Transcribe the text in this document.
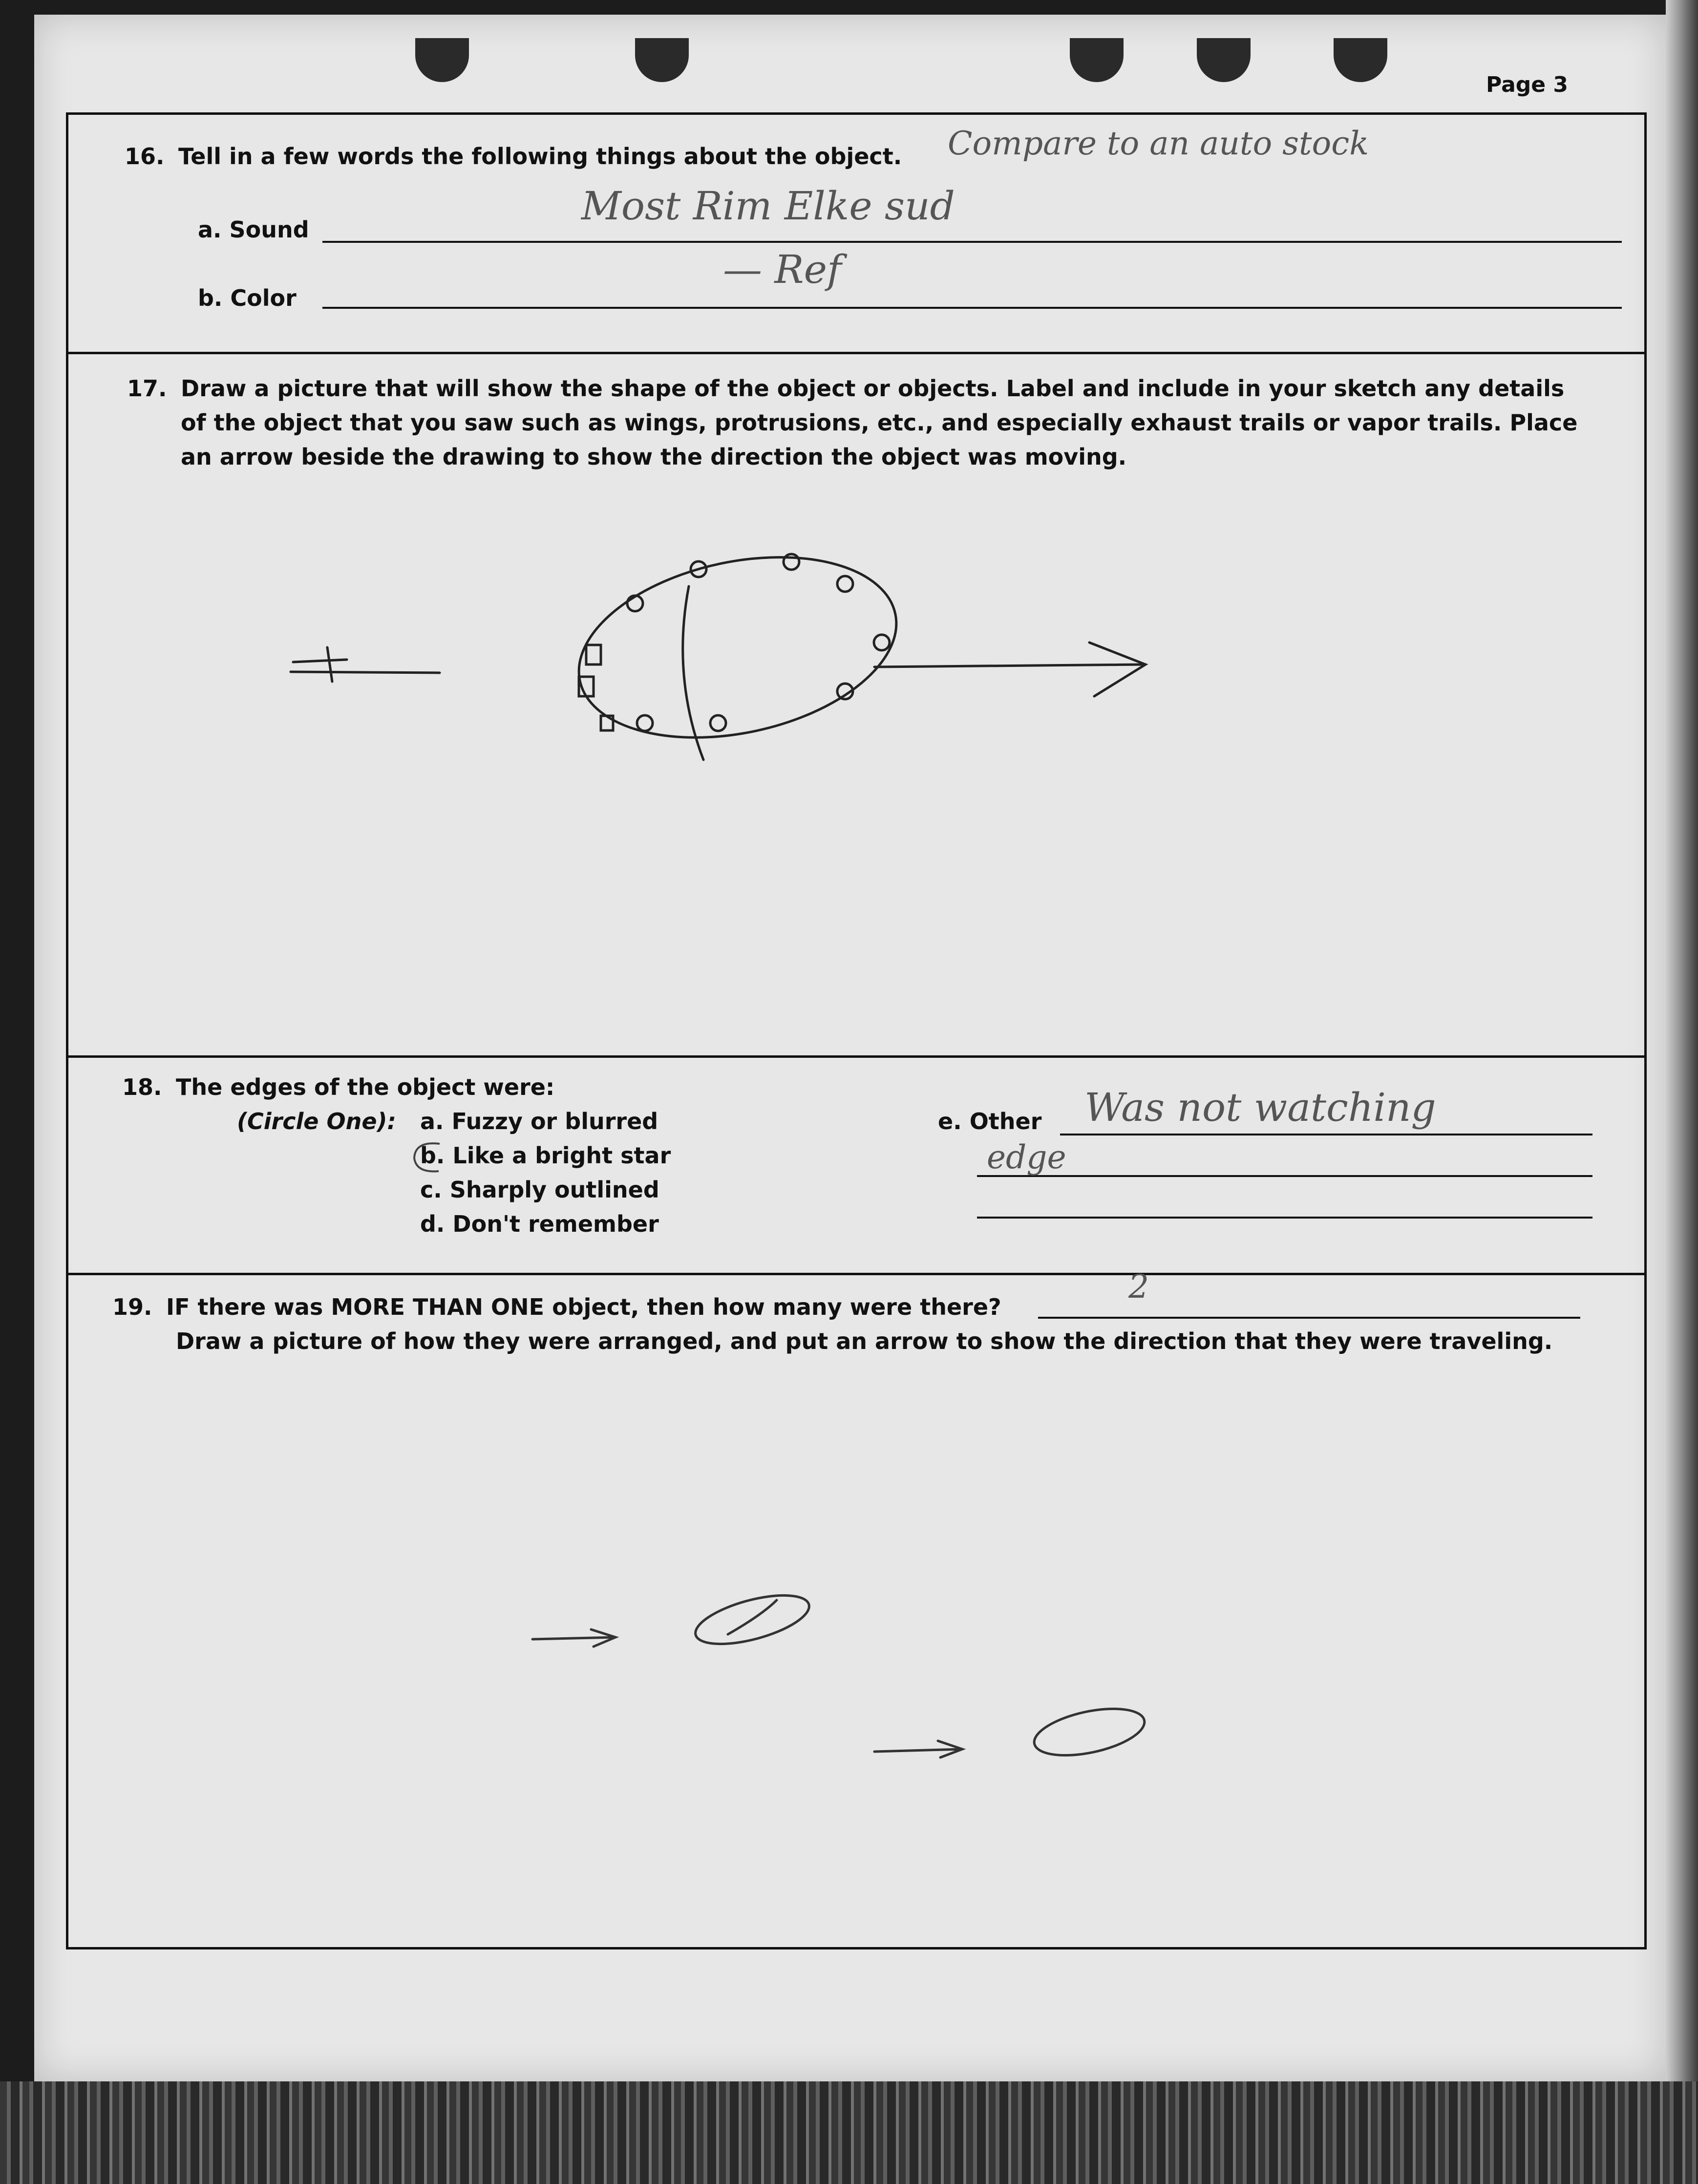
Page 3
16. Tell in a few words the following things about the object. Compare to an auto stock
a. Sound
Most Rim Elke sud
b. Color
— Ref
17. Draw a picture that will show the shape of the object or objects. Label and include in your sketch any details
of the object that you saw such as wings, protrusions, etc., and especially exhaust trails or vapor trails. Place
an arrow beside the drawing to show the direction the object was moving.
18. The edges of the object were:
(Circle One): a. Fuzzy or blurred
b. Like a bright star
c. Sharply outlined
d. Don't remember
e. Other Was not watching
edge
19. IF there was MORE THAN ONE object, then how many were there?
2
Draw a picture of how they were arranged, and put an arrow to show the direction that they were traveling.
